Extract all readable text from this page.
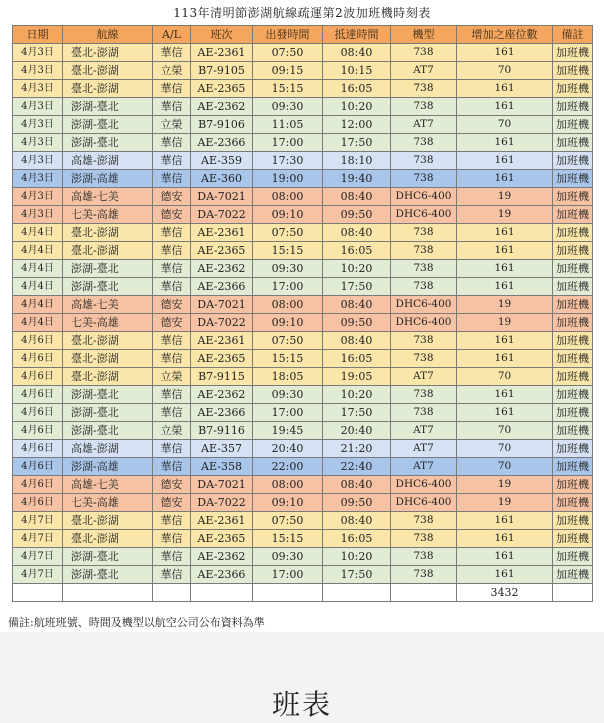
113年清明節澎湖航線疏運第2波加班機時刻表
日期	航線	A/L	班次	出發時間	抵達時間	機型	增加之座位數	備註
4月3日	臺北-澎湖	華信	AE-2361	07:50	08:40	738	161	加班機
4月3日	臺北-澎湖	立榮	B7-9105	09:15	10:15	AT7	70	加班機
4月3日	臺北-澎湖	華信	AE-2365	15:15	16:05	738	161	加班機
4月3日	澎湖-臺北	華信	AE-2362	09:30	10:20	738	161	加班機
4月3日	澎湖-臺北	立榮	B7-9106	11:05	12:00	AT7	70	加班機
4月3日	澎湖-臺北	華信	AE-2366	17:00	17:50	738	161	加班機
4月3日	高雄-澎湖	華信	AE-359	17:30	18:10	738	161	加班機
4月3日	澎湖-高雄	華信	AE-360	19:00	19:40	738	161	加班機
4月3日	高雄-七美	德安	DA-7021	08:00	08:40	DHC6-400	19	加班機
4月3日	七美-高雄	德安	DA-7022	09:10	09:50	DHC6-400	19	加班機
4月4日	臺北-澎湖	華信	AE-2361	07:50	08:40	738	161	加班機
4月4日	臺北-澎湖	華信	AE-2365	15:15	16:05	738	161	加班機
4月4日	澎湖-臺北	華信	AE-2362	09:30	10:20	738	161	加班機
4月4日	澎湖-臺北	華信	AE-2366	17:00	17:50	738	161	加班機
4月4日	高雄-七美	德安	DA-7021	08:00	08:40	DHC6-400	19	加班機
4月4日	七美-高雄	德安	DA-7022	09:10	09:50	DHC6-400	19	加班機
4月6日	臺北-澎湖	華信	AE-2361	07:50	08:40	738	161	加班機
4月6日	臺北-澎湖	華信	AE-2365	15:15	16:05	738	161	加班機
4月6日	臺北-澎湖	立榮	B7-9115	18:05	19:05	AT7	70	加班機
4月6日	澎湖-臺北	華信	AE-2362	09:30	10:20	738	161	加班機
4月6日	澎湖-臺北	華信	AE-2366	17:00	17:50	738	161	加班機
4月6日	澎湖-臺北	立榮	B7-9116	19:45	20:40	AT7	70	加班機
4月6日	高雄-澎湖	華信	AE-357	20:40	21:20	AT7	70	加班機
4月6日	澎湖-高雄	華信	AE-358	22:00	22:40	AT7	70	加班機
4月6日	高雄-七美	德安	DA-7021	08:00	08:40	DHC6-400	19	加班機
4月6日	七美-高雄	德安	DA-7022	09:10	09:50	DHC6-400	19	加班機
4月7日	臺北-澎湖	華信	AE-2361	07:50	08:40	738	161	加班機
4月7日	臺北-澎湖	華信	AE-2365	15:15	16:05	738	161	加班機
4月7日	澎湖-臺北	華信	AE-2362	09:30	10:20	738	161	加班機
4月7日	澎湖-臺北	華信	AE-2366	17:00	17:50	738	161	加班機
							3432	
備註:航班班號、時間及機型以航空公司公布資料為準
班表
